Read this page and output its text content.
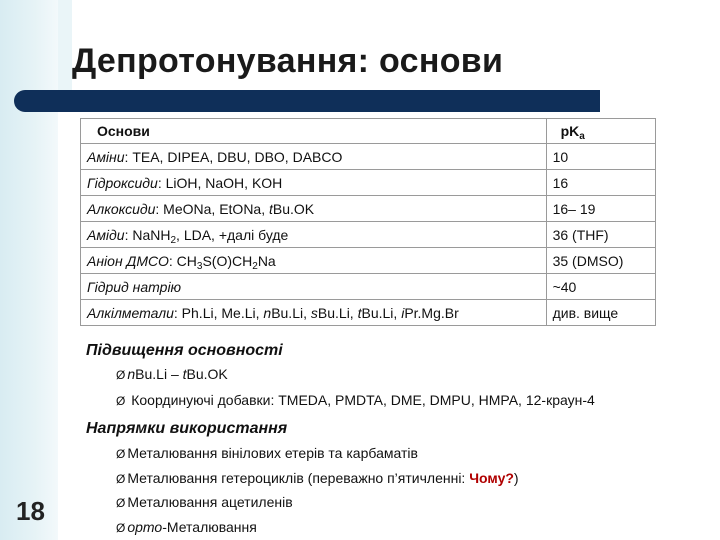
Депротонування: основи
Основи	$pK_a$
Аміни: TEA, DIPEA, DBU, DBO, DABCO	10
Гідроксиди: LiOH, NaOH, KOH	16
Алкоксиди: MeONa, EtONa, tBu.OK	16– 19
Аміди: NaNH$_2$, LDA, +далі буде	36 (THF)
Аніон ДМСО: $CH_3S(O)CH_2Na$	35 (DMSO)
Гідрид натрію	~40
Алкілметали: Ph.Li, Me.Li, nBu.Li, sBu.Li, tBu.Li, iPr.Mg.Br	див. вище
Підвищення основності
Ø nBu.Li – tBu.OK
Ø Координуючі добавки: TMEDA, PMDTA, DME, DMPU, HMPA, 12-краун-4
Напрямки використання
Ø Металювання вінілових етерів та карбаматів
Ø Металювання гетероциклів (переважно п’ятичленні: Чому?)
Ø Металювання ацетиленів
Ø орто-Металювання
18
